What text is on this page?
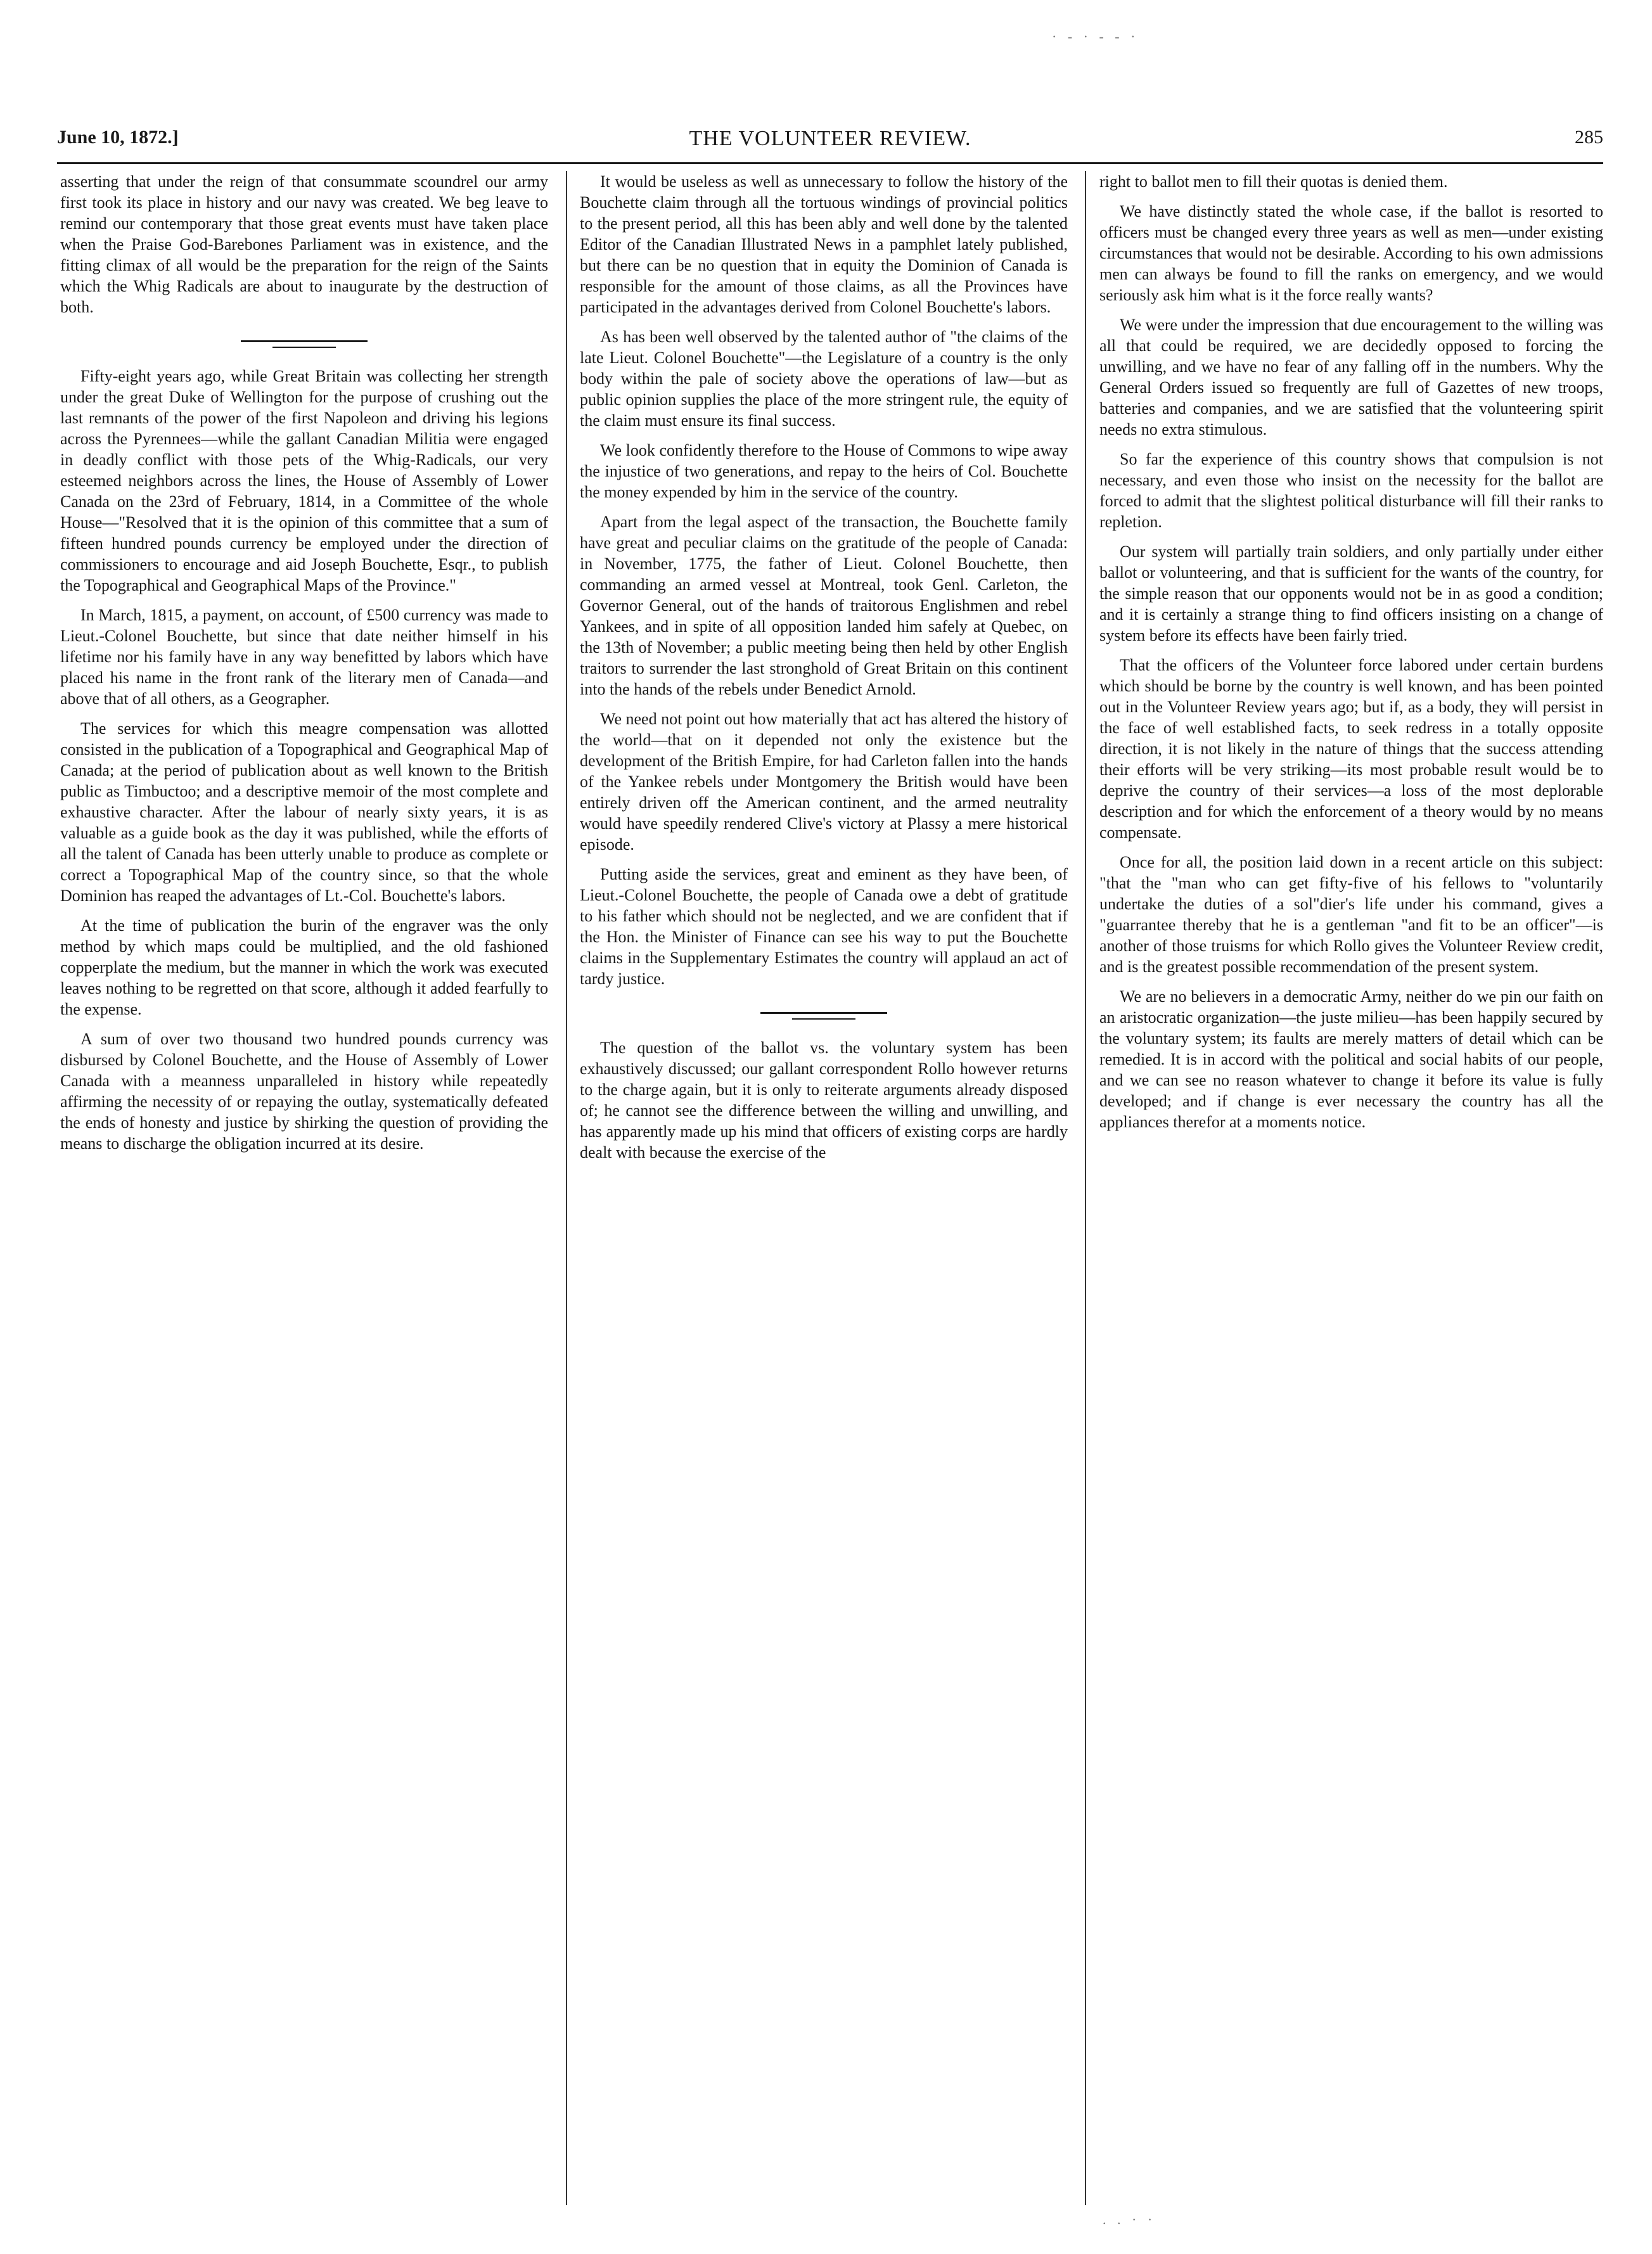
· - · - - ·
June 10, 1872.]	THE VOLUNTEER REVIEW.	285

asserting that under the reign of that consummate scoundrel our army first took its place in history and our navy was created. We beg leave to remind our contemporary that those great events must have taken place when the Praise God-Barebones Parliament was in existence, and the fitting climax of all would be the preparation for the reign of the Saints which the Whig Radicals are about to inaugurate by the destruction of both.

Fifty-eight years ago, while Great Britain was collecting her strength under the great Duke of Wellington for the purpose of crushing out the last remnants of the power of the first Napoleon and driving his legions across the Pyrennees—while the gallant Canadian Militia were engaged in deadly conflict with those pets of the Whig-Radicals, our very esteemed neighbors across the lines, the House of Assembly of Lower Canada on the 23rd of February, 1814, in a Committee of the whole House—"Resolved that it is the opinion of this committee that a sum of fifteen hundred pounds currency be employed under the direction of commissioners to encourage and aid Joseph Bouchette, Esqr., to publish the Topographical and Geographical Maps of the Province."

In March, 1815, a payment, on account, of £500 currency was made to Lieut.-Colonel Bouchette, but since that date neither himself in his lifetime nor his family have in any way benefitted by labors which have placed his name in the front rank of the literary men of Canada—and above that of all others, as a Geographer.

The services for which this meagre compensation was allotted consisted in the publication of a Topographical and Geographical Map of Canada; at the period of publication about as well known to the British public as Timbuctoo; and a descriptive memoir of the most complete and exhaustive character. After the labour of nearly sixty years, it is as valuable as a guide book as the day it was published, while the efforts of all the talent of Canada has been utterly unable to produce as complete or correct a Topographical Map of the country since, so that the whole Dominion has reaped the advantages of Lt.-Col. Bouchette's labors.

At the time of publication the burin of the engraver was the only method by which maps could be multiplied, and the old fashioned copperplate the medium, but the manner in which the work was executed leaves nothing to be regretted on that score, although it added fearfully to the expense.

A sum of over two thousand two hundred pounds currency was disbursed by Colonel Bouchette, and the House of Assembly of Lower Canada with a meanness unparalleled in history while repeatedly affirming the necessity of or repaying the outlay, systematically defeated the ends of honesty and justice by shirking the question of providing the means to discharge the obligation incurred at its desire.

It would be useless as well as unnecessary to follow the history of the Bouchette claim through all the tortuous windings of provincial politics to the present period, all this has been ably and well done by the talented Editor of the Canadian Illustrated News in a pamphlet lately published, but there can be no question that in equity the Dominion of Canada is responsible for the amount of those claims, as all the Provinces have participated in the advantages derived from Colonel Bouchette's labors.

As has been well observed by the talented author of "the claims of the late Lieut. Colonel Bouchette"—the Legislature of a country is the only body within the pale of society above the operations of law—but as public opinion supplies the place of the more stringent rule, the equity of the claim must ensure its final success.

We look confidently therefore to the House of Commons to wipe away the injustice of two generations, and repay to the heirs of Col. Bouchette the money expended by him in the service of the country.

Apart from the legal aspect of the transaction, the Bouchette family have great and peculiar claims on the gratitude of the people of Canada: in November, 1775, the father of Lieut. Colonel Bouchette, then commanding an armed vessel at Montreal, took Genl. Carleton, the Governor General, out of the hands of traitorous Englishmen and rebel Yankees, and in spite of all opposition landed him safely at Quebec, on the 13th of November; a public meeting being then held by other English traitors to surrender the last stronghold of Great Britain on this continent into the hands of the rebels under Benedict Arnold.

We need not point out how materially that act has altered the history of the world—that on it depended not only the existence but the development of the British Empire, for had Carleton fallen into the hands of the Yankee rebels under Montgomery the British would have been entirely driven off the American continent, and the armed neutrality would have speedily rendered Clive's victory at Plassy a mere historical episode.

Putting aside the services, great and eminent as they have been, of Lieut.-Colonel Bouchette, the people of Canada owe a debt of gratitude to his father which should not be neglected, and we are confident that if the Hon. the Minister of Finance can see his way to put the Bouchette claims in the Supplementary Estimates the country will applaud an act of tardy justice.

The question of the ballot vs. the voluntary system has been exhaustively discussed; our gallant correspondent Rollo however returns to the charge again, but it is only to reiterate arguments already disposed of; he cannot see the difference between the willing and unwilling, and has apparently made up his mind that officers of existing corps are hardly dealt with because the exercise of the

right to ballot men to fill their quotas is denied them.

We have distinctly stated the whole case, if the ballot is resorted to officers must be changed every three years as well as men—under existing circumstances that would not be desirable. According to his own admissions men can always be found to fill the ranks on emergency, and we would seriously ask him what is it the force really wants?

We were under the impression that due encouragement to the willing was all that could be required, we are decidedly opposed to forcing the unwilling, and we have no fear of any falling off in the numbers. Why the General Orders issued so frequently are full of Gazettes of new troops, batteries and companies, and we are satisfied that the volunteering spirit needs no extra stimulous.

So far the experience of this country shows that compulsion is not necessary, and even those who insist on the necessity for the ballot are forced to admit that the slightest political disturbance will fill their ranks to repletion.

Our system will partially train soldiers, and only partially under either ballot or volunteering, and that is sufficient for the wants of the country, for the simple reason that our opponents would not be in as good a condition; and it is certainly a strange thing to find officers insisting on a change of system before its effects have been fairly tried.

That the officers of the Volunteer force labored under certain burdens which should be borne by the country is well known, and has been pointed out in the Volunteer Review years ago; but if, as a body, they will persist in the face of well established facts, to seek redress in a totally opposite direction, it is not likely in the nature of things that the success attending their efforts will be very striking—its most probable result would be to deprive the country of their services—a loss of the most deplorable description and for which the enforcement of a theory would by no means compensate.

Once for all, the position laid down in a recent article on this subject: "that the "man who can get fifty-five of his fellows to "voluntarily undertake the duties of a sol"dier's life under his command, gives a "guarrantee thereby that he is a gentleman "and fit to be an officer"—is another of those truisms for which Rollo gives the Volunteer Review credit, and is the greatest possible recommendation of the present system.

We are no believers in a democratic Army, neither do we pin our faith on an aristocratic organization—the juste milieu—has been happily secured by the voluntary system; its faults are merely matters of detail which can be remedied. It is in accord with the political and social habits of our people, and we can see no reason whatever to change it before its value is fully developed; and if change is ever necessary the country has all the appliances therefor at a moments notice.

. . · ·
